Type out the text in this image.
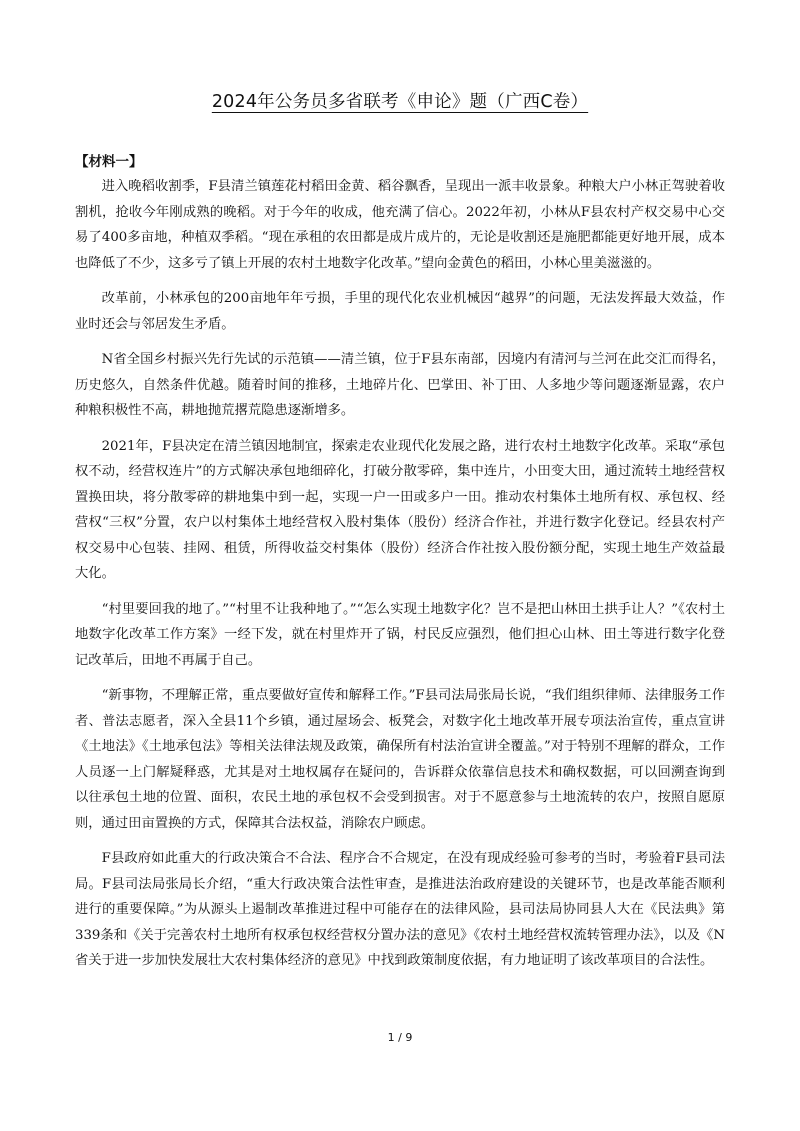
2024年公务员多省联考《申论》题（广西C卷）
【材料一】

进入晚稻收割季，F县清兰镇莲花村稻田金黄、稻谷飘香，呈现出一派丰收景象。种粮大户小林正驾驶着收割机，抢收今年刚成熟的晚稻。对于今年的收成，他充满了信心。2022年初，小林从F县农村产权交易中心交易了400多亩地，种植双季稻。“现在承租的农田都是成片成片的，无论是收割还是施肥都能更好地开展，成本也降低了不少，这多亏了镇上开展的农村土地数字化改革。”望向金黄色的稻田，小林心里美滋滋的。

改革前，小林承包的200亩地年年亏损，手里的现代化农业机械因“越界”的问题，无法发挥最大效益，作业时还会与邻居发生矛盾。

N省全国乡村振兴先行先试的示范镇——清兰镇，位于F县东南部，因境内有清河与兰河在此交汇而得名，历史悠久，自然条件优越。随着时间的推移，土地碎片化、巴掌田、补丁田、人多地少等问题逐渐显露，农户种粮积极性不高，耕地抛荒撂荒隐患逐渐增多。

2021年，F县决定在清兰镇因地制宜，探索走农业现代化发展之路，进行农村土地数字化改革。采取“承包权不动，经营权连片”的方式解决承包地细碎化，打破分散零碎，集中连片，小田变大田，通过流转土地经营权置换田块，将分散零碎的耕地集中到一起，实现一户一田或多户一田。推动农村集体土地所有权、承包权、经营权“三权”分置，农户以村集体土地经营权入股村集体（股份）经济合作社，并进行数字化登记。经县农村产权交易中心包装、挂网、租赁，所得收益交村集体（股份）经济合作社按入股份额分配，实现土地生产效益最大化。

“村里要回我的地了。”“村里不让我种地了。”“怎么实现土地数字化？岂不是把山林田土拱手让人？”《农村土地数字化改革工作方案》一经下发，就在村里炸开了锅，村民反应强烈，他们担心山林、田土等进行数字化登记改革后，田地不再属于自己。

“新事物，不理解正常，重点要做好宣传和解释工作。”F县司法局张局长说，“我们组织律师、法律服务工作者、普法志愿者，深入全县11个乡镇，通过屋场会、板凳会，对数字化土地改革开展专项法治宣传，重点宣讲《土地法》《土地承包法》等相关法律法规及政策，确保所有村法治宣讲全覆盖。”对于特别不理解的群众，工作人员逐一上门解疑释惑，尤其是对土地权属存在疑问的，告诉群众依靠信息技术和确权数据，可以回溯查询到以往承包土地的位置、面积，农民土地的承包权不会受到损害。对于不愿意参与土地流转的农户，按照自愿原则，通过田亩置换的方式，保障其合法权益，消除农户顾虑。

F县政府如此重大的行政决策合不合法、程序合不合规定，在没有现成经验可参考的当时，考验着F县司法局。F县司法局张局长介绍，“重大行政决策合法性审查，是推进法治政府建设的关键环节，也是改革能否顺利进行的重要保障。”为从源头上遏制改革推进过程中可能存在的法律风险，县司法局协同县人大在《民法典》第339条和《关于完善农村土地所有权承包权经营权分置办法的意见》《农村土地经营权流转管理办法》，以及《N省关于进一步加快发展壮大农村集体经济的意见》中找到政策制度依据，有力地证明了该改革项目的合法性。

1 / 9
